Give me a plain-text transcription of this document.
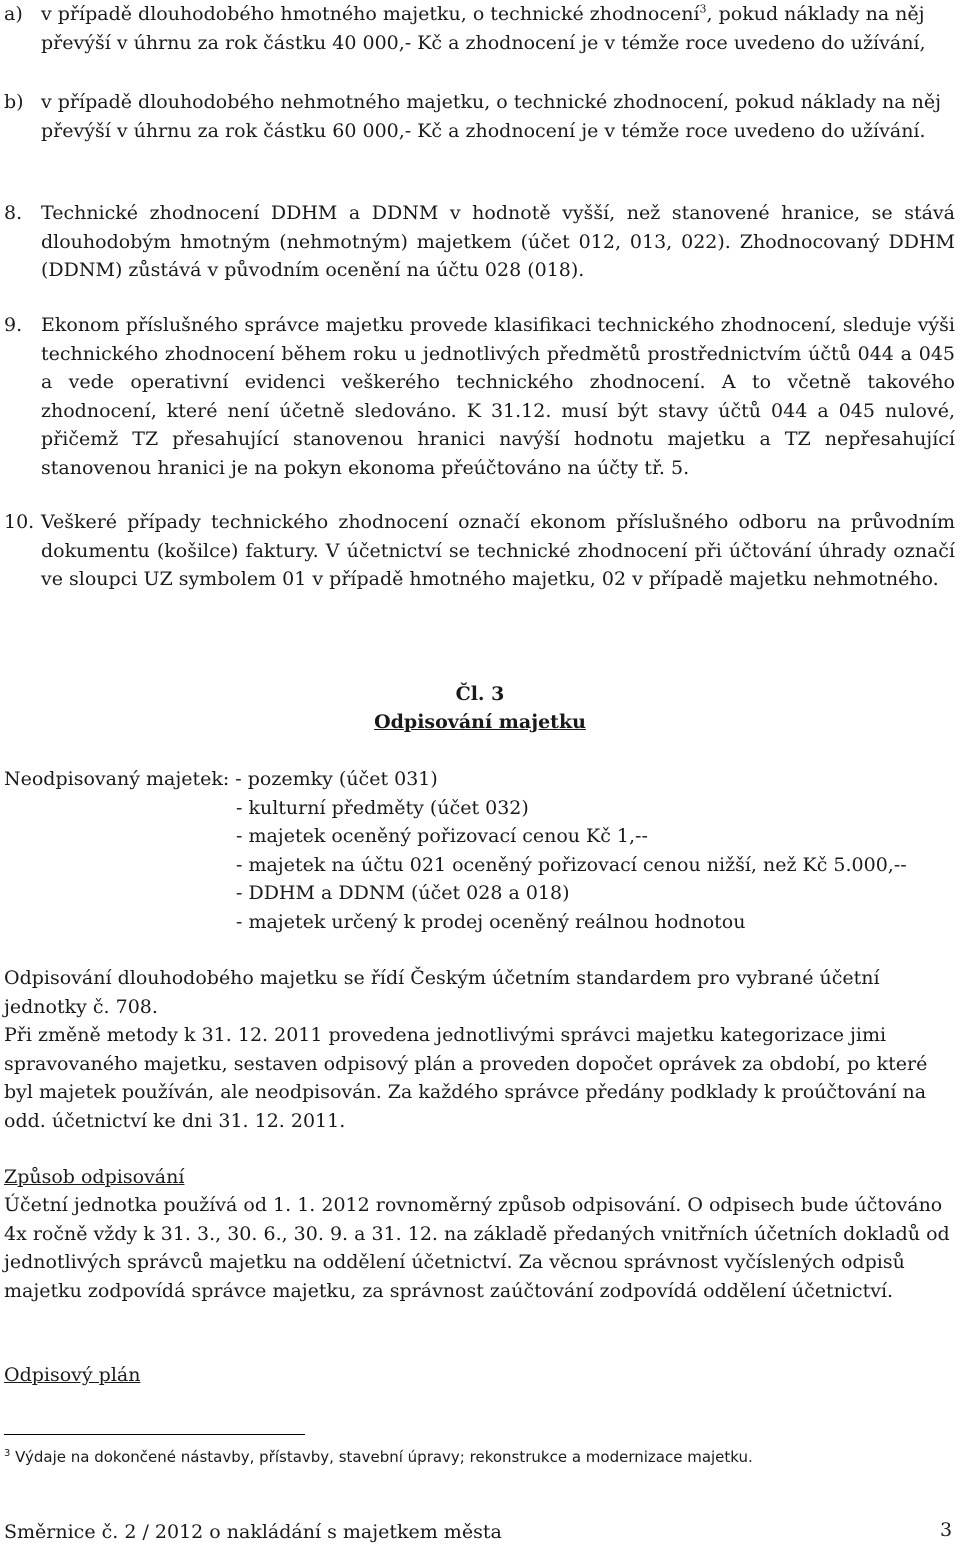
a) v případě dlouhodobého hmotného majetku, o technické zhodnocení$^3$, pokud náklady na něj převýší v úhrnu za rok částku 40 000,- Kč a zhodnocení je v témže roce uvedeno do užívání,

b) v případě dlouhodobého nehmotného majetku, o technické zhodnocení, pokud náklady na něj převýší v úhrnu za rok částku 60 000,- Kč a zhodnocení je v témže roce uvedeno do užívání.

8. Technické zhodnocení DDHM a DDNM v hodnotě vyšší, než stanovené hranice, se stává dlouhodobým hmotným (nehmotným) majetkem (účet 012, 013, 022). Zhodnocovaný DDHM (DDNM) zůstává v původním ocenění na účtu 028 (018).

9. Ekonom příslušného správce majetku provede klasifikaci technického zhodnocení, sleduje výši technického zhodnocení během roku u jednotlivých předmětů prostřednictvím účtů 044 a 045 a vede operativní evidenci veškerého technického zhodnocení. A to včetně takového zhodnocení, které není účetně sledováno. K 31.12. musí být stavy účtů 044 a 045 nulové, přičemž TZ přesahující stanovenou hranici navýší hodnotu majetku a TZ nepřesahující stanovenou hranici je na pokyn ekonoma přeúčtováno na účty tř. 5.

10. Veškeré případy technického zhodnocení označí ekonom příslušného odboru na průvodním dokumentu (košilce) faktury. V účetnictví se technické zhodnocení při účtování úhrady označí ve sloupci UZ symbolem 01 v případě hmotného majetku, 02 v případě majetku nehmotného.

Čl. 3
Odpisování majetku
Neodpisovaný majetek: - pozemky (účet 031)
- kulturní předměty (účet 032)
- majetek oceněný pořizovací cenou Kč 1,--
- majetek na účtu 021 oceněný pořizovací cenou nižší, než Kč 5.000,--
- DDHM a DDNM (účet 028 a 018)
- majetek určený k prodej oceněný reálnou hodnotou

Odpisování dlouhodobého majetku se řídí Českým účetním standardem pro vybrané účetní jednotky č. 708.

Při změně metody k 31. 12. 2011 provedena jednotlivými správci majetku kategorizace jimi spravovaného majetku, sestaven odpisový plán a proveden dopočet oprávek za období, po které byl majetek používán, ale neodpisován. Za každého správce předány podklady k proúčtování na odd. účetnictví ke dni 31. 12. 2011.

Způsob odpisování

Účetní jednotka používá od 1. 1. 2012 rovnoměrný způsob odpisování. O odpisech bude účtováno 4x ročně vždy k 31. 3., 30. 6., 30. 9. a 31. 12. na základě předaných vnitřních účetních dokladů od jednotlivých správců majetku na oddělení účetnictví. Za věcnou správnost vyčíslených odpisů majetku zodpovídá správce majetku, za správnost zaúčtování zodpovídá oddělení účetnictví.

Odpisový plán
$^3$ Výdaje na dokončené nástavby, přístavby, stavební úpravy; rekonstrukce a modernizace majetku.
Směrnice č. 2 / 2012 o nakládání s majetkem města	3
